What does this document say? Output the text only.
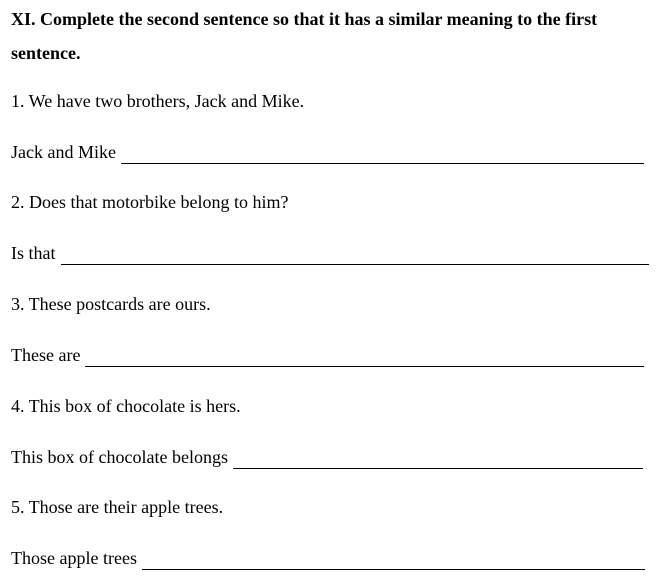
XI. Complete the second sentence so that it has a similar meaning to the first
sentence.
1. We have two brothers, Jack and Mike.
Jack and Mike
2. Does that motorbike belong to him?
Is that
3. These postcards are ours.
These are
4. This box of chocolate is hers.
This box of chocolate belongs
5. Those are their apple trees.
Those apple trees
